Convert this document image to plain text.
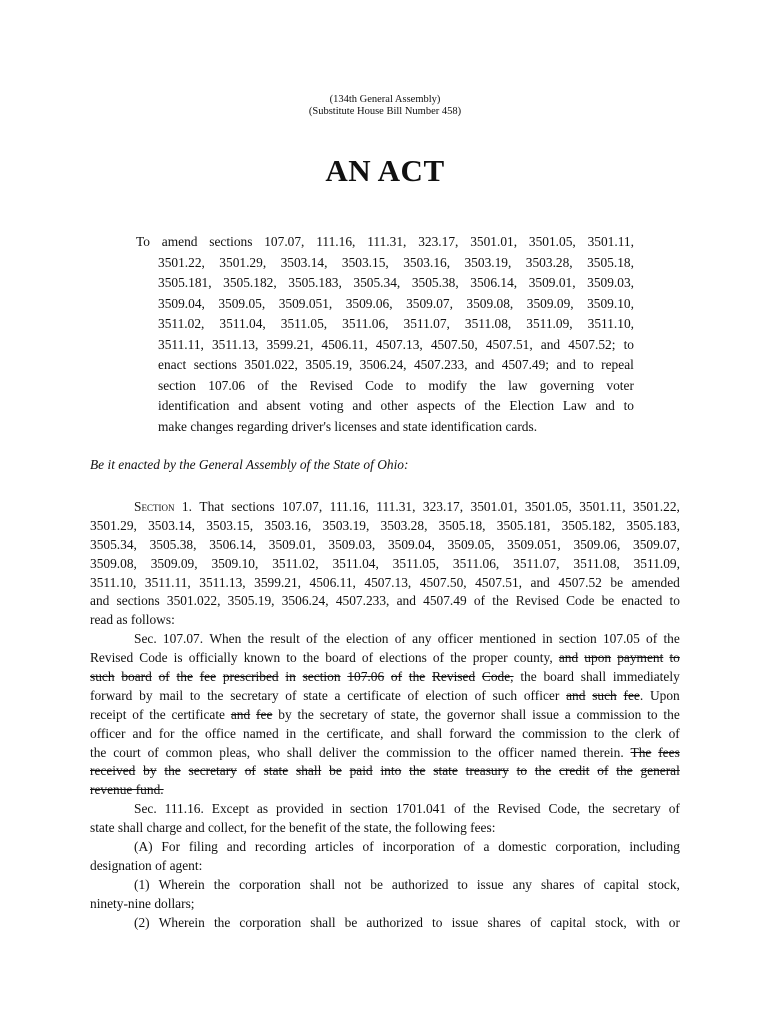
(134th General Assembly)
(Substitute House Bill Number 458)
AN ACT
To amend sections 107.07, 111.16, 111.31, 323.17, 3501.01, 3501.05, 3501.11,
3501.22, 3501.29, 3503.14, 3503.15, 3503.16, 3503.19, 3503.28, 3505.18,
3505.181, 3505.182, 3505.183, 3505.34, 3505.38, 3506.14, 3509.01, 3509.03,
3509.04, 3509.05, 3509.051, 3509.06, 3509.07, 3509.08, 3509.09, 3509.10,
3511.02, 3511.04, 3511.05, 3511.06, 3511.07, 3511.08, 3511.09, 3511.10,
3511.11, 3511.13, 3599.21, 4506.11, 4507.13, 4507.50, 4507.51, and 4507.52; to
enact sections 3501.022, 3505.19, 3506.24, 4507.233, and 4507.49; and to repeal
section 107.06 of the Revised Code to modify the law governing voter
identification and absent voting and other aspects of the Election Law and to
make changes regarding driver's licenses and state identification cards.
Be it enacted by the General Assembly of the State of Ohio:
Section 1. That sections 107.07, 111.16, 111.31, 323.17, 3501.01, 3501.05, 3501.11, 3501.22,
3501.29, 3503.14, 3503.15, 3503.16, 3503.19, 3503.28, 3505.18, 3505.181, 3505.182, 3505.183,
3505.34, 3505.38, 3506.14, 3509.01, 3509.03, 3509.04, 3509.05, 3509.051, 3509.06, 3509.07,
3509.08, 3509.09, 3509.10, 3511.02, 3511.04, 3511.05, 3511.06, 3511.07, 3511.08, 3511.09,
3511.10, 3511.11, 3511.13, 3599.21, 4506.11, 4507.13, 4507.50, 4507.51, and 4507.52 be amended
and sections 3501.022, 3505.19, 3506.24, 4507.233, and 4507.49 of the Revised Code be enacted to
read as follows:
Sec. 107.07. When the result of the election of any officer mentioned in section 107.05 of the
Revised Code is officially known to the board of elections of the proper county, and upon payment to
such board of the fee prescribed in section 107.06 of the Revised Code, the board shall immediately
forward by mail to the secretary of state a certificate of election of such officer and such fee. Upon
receipt of the certificate and fee by the secretary of state, the governor shall issue a commission to the
officer and for the office named in the certificate, and shall forward the commission to the clerk of
the court of common pleas, who shall deliver the commission to the officer named therein. The fees
received by the secretary of state shall be paid into the state treasury to the credit of the general
revenue fund.
Sec. 111.16. Except as provided in section 1701.041 of the Revised Code, the secretary of
state shall charge and collect, for the benefit of the state, the following fees:
(A) For filing and recording articles of incorporation of a domestic corporation, including
designation of agent:
(1) Wherein the corporation shall not be authorized to issue any shares of capital stock,
ninety-nine dollars;
(2) Wherein the corporation shall be authorized to issue shares of capital stock, with or
